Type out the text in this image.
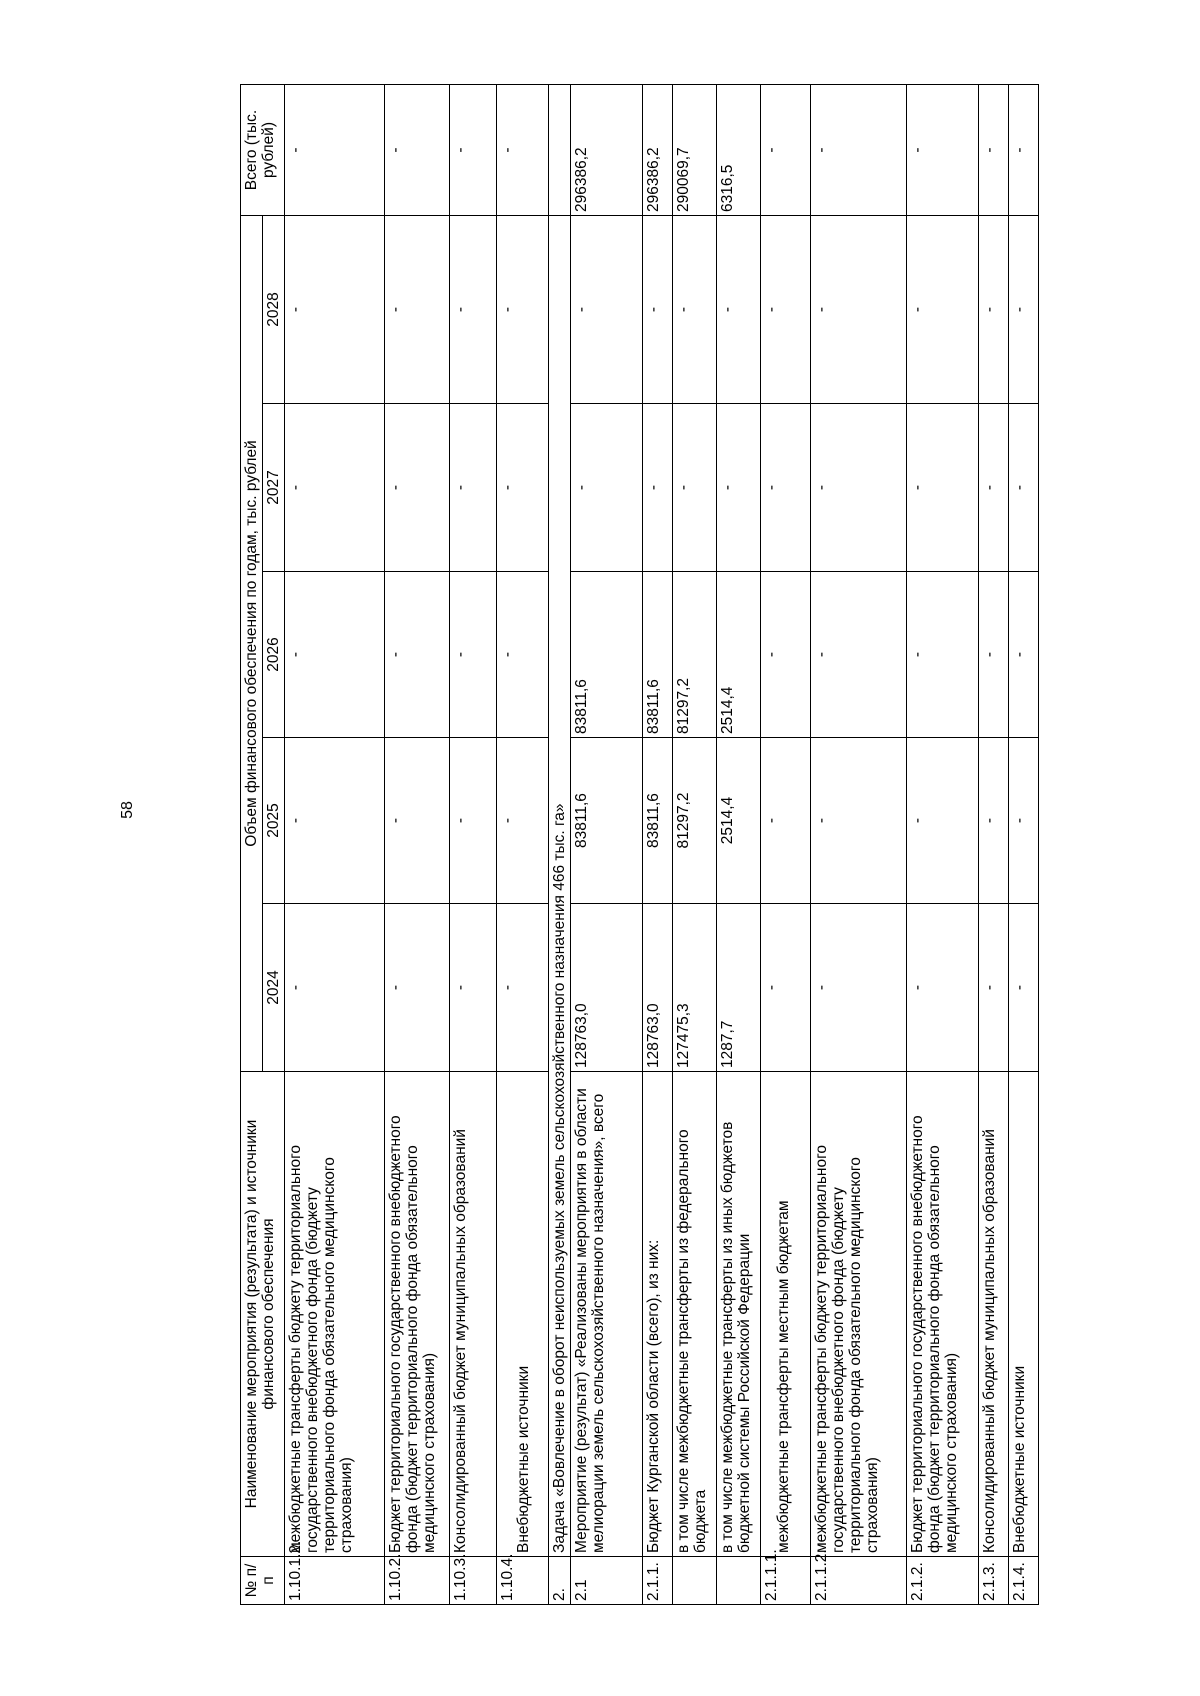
58
№ п/п	Наименование мероприятия (результата) и источники финансового обеспечения	Объем финансового обеспечения по годам, тыс. рублей					Всего (тыс. рублей)
		2024	2025	2026	2027	2028	
1.10.1.2.	межбюджетные трансферты бюджету территориального государственного внебюджетного фонда (бюджету территориального фонда обязательного медицинского страхования)	-	-	-	-	-	-
1.10.2.	Бюджет территориального государственного внебюджетного фонда (бюджет территориального фонда обязательного медицинского страхования)	-	-	-	-	-	-
1.10.3.	Консолидированный бюджет муниципальных образований	-	-	-	-	-	-
1.10.4.	Внебюджетные источники	-	-	-	-	-	-
2.	Задача «Вовлечение в оборот неиспользуемых земель сельскохозяйственного назначения 466 тыс. га»						
2.1	Мероприятие (результат) «Реализованы мероприятия в области мелиорации земель сельскохозяйственного назначения», всего	128763,0	83811,6	83811,6	-	-	296386,2
2.1.1.	Бюджет Курганской области (всего), из них:	128763,0	83811,6	83811,6	-	-	296386,2
	в том числе межбюджетные трансферты из федерального бюджета	127475,3	81297,2	81297,2	-	-	290069,7
	в том числе межбюджетные трансферты из иных бюджетов бюджетной системы Российской Федерации	1287,7	2514,4	2514,4	-	-	6316,5
2.1.1.1.	межбюджетные трансферты местным бюджетам	-	-	-	-	-	-
2.1.1.2.	межбюджетные трансферты бюджету территориального государственного внебюджетного фонда (бюджету территориального фонда обязательного медицинского страхования)	-	-	-	-	-	-
2.1.2.	Бюджет территориального государственного внебюджетного фонда (бюджет территориального фонда обязательного медицинского страхования)	-	-	-	-	-	-
2.1.3.	Консолидированный бюджет муниципальных образований	-	-	-	-	-	-
2.1.4.	Внебюджетные источники	-	-	-	-	-	-
